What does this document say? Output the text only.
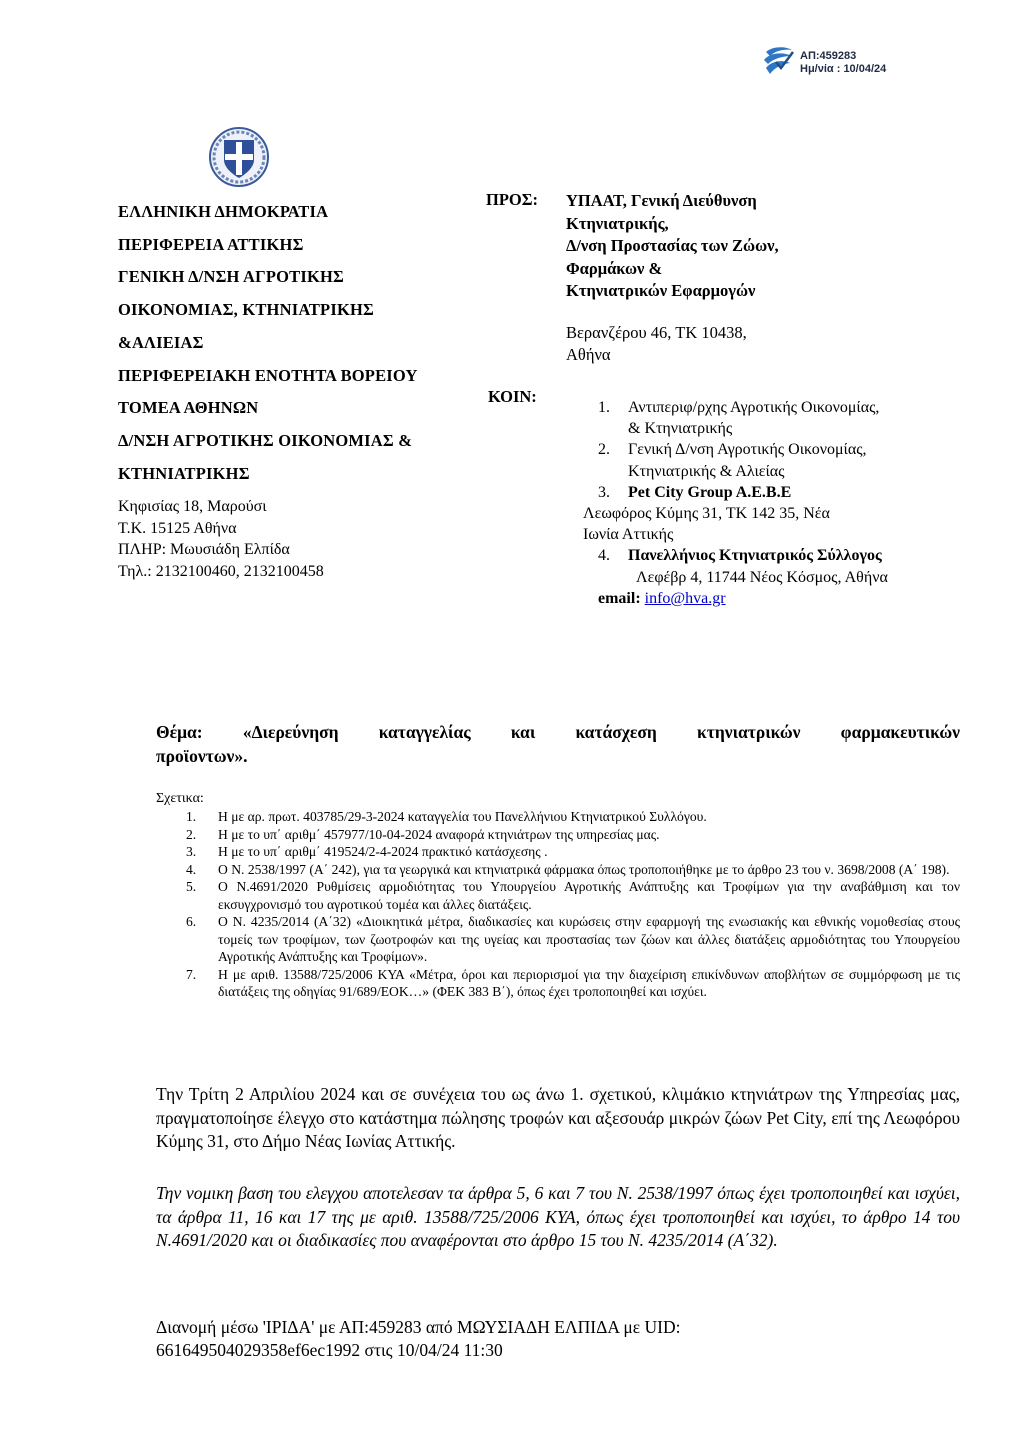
ΑΠ:459283
Ημ/νία : 10/04/24
ΕΛΛΗΝΙΚΗ ΔΗΜΟΚΡΑΤΙΑ
ΠΕΡΙΦΕΡΕΙΑ ΑΤΤΙΚΗΣ
ΓΕΝΙΚΗ Δ/ΝΣΗ ΑΓΡΟΤΙΚΗΣ
ΟΙΚΟΝΟΜΙΑΣ, ΚΤΗΝΙΑΤΡΙΚΗΣ
&ΑΛΙΕΙΑΣ
ΠΕΡΙΦΕΡΕΙΑΚΗ ΕΝΟΤΗΤΑ ΒΟΡΕΙΟΥ
ΤΟΜΕΑ ΑΘΗΝΩΝ
Δ/ΝΣΗ ΑΓΡΟΤΙΚΗΣ ΟΙΚΟΝΟΜΙΑΣ &
ΚΤΗΝΙΑΤΡΙΚΗΣ
Κηφισίας 18, Μαρούσι
Τ.Κ. 15125 Αθήνα
ΠΛΗΡ: Μωυσιάδη Ελπίδα
Τηλ.: 2132100460, 2132100458
ΠΡΟΣ: ΥΠΑΑΤ, Γενική Διεύθυνση
Κτηνιατρικής,
Δ/νση Προστασίας των Ζώων,
Φαρμάκων &
Κτηνιατρικών Εφαρμογών
Βερανζέρου 46, ΤΚ 10438,
Αθήνα
ΚΟΙΝ:
1. Αντιπεριφ/ρχης Αγροτικής Οικονομίας,
& Κτηνιατρικής
2. Γενική Δ/νση Αγροτικής Οικονομίας,
Κτηνιατρικής & Αλιείας
3. Pet City Group A.E.B.E
Λεωφόρος Κύμης 31, ΤΚ 142 35, Νέα
Ιωνία Αττικής
4. Πανελλήνιος Κτηνιατρικός Σύλλογος
Λεφέβρ 4, 11744 Νέος Κόσμος, Αθήνα
email: info@hva.gr
Θέμα: «Διερεύνηση καταγγελίας και κατάσχεση κτηνιατρικών φαρμακευτικών
προϊοντων».
Σχετικα:
1. Η με αρ. πρωτ. 403785/29-3-2024 καταγγελία του Πανελλήνιου Κτηνιατρικού Συλλόγου.
2. Η με το υπ΄ αριθμ΄ 457977/10-04-2024 αναφορά κτηνιάτρων της υπηρεσίας μας.
3. Η με το υπ΄ αριθμ΄ 419524/2-4-2024 πρακτικό κατάσχεσης .
4. Ο Ν. 2538/1997 (Α΄ 242), για τα γεωργικά και κτηνιατρικά φάρμακα όπως τροποποιήθηκε με το άρθρο 23 του ν. 3698/2008 (Α΄ 198).
5. Ο Ν.4691/2020 Ρυθμίσεις αρμοδιότητας του Υπουργείου Αγροτικής Ανάπτυξης και Τροφίμων για την αναβάθμιση και τον εκσυγχρονισμό του αγροτικού τομέα και άλλες διατάξεις.
6. Ο Ν. 4235/2014 (Α΄32) «Διοικητικά μέτρα, διαδικασίες και κυρώσεις στην εφαρμογή της ενωσιακής και εθνικής νομοθεσίας στους τομείς των τροφίμων, των ζωοτροφών και της υγείας και προστασίας των ζώων και άλλες διατάξεις αρμοδιότητας του Υπουργείου Αγροτικής Ανάπτυξης και Τροφίμων».
7. Η με αριθ. 13588/725/2006 ΚΥΑ «Μέτρα, όροι και περιορισμοί για την διαχείριση επικίνδυνων αποβλήτων σε συμμόρφωση με τις διατάξεις της οδηγίας 91/689/ΕΟΚ…» (ΦΕΚ 383 Β΄), όπως έχει τροποποιηθεί και ισχύει.
Την Τρίτη 2 Απριλίου 2024 και σε συνέχεια του ως άνω 1. σχετικού, κλιμάκιο κτηνιάτρων της Υπηρεσίας μας, πραγματοποίησε έλεγχο στο κατάστημα πώλησης τροφών και αξεσουάρ μικρών ζώων Pet City, επί της Λεωφόρου Κύμης 31, στο Δήμο Νέας Ιωνίας Αττικής.
Την νομικη βαση του ελεγχου αποτελεσαν τα άρθρα 5, 6 και 7 του Ν. 2538/1997 όπως έχει τροποποιηθεί και ισχύει, τα άρθρα 11, 16 και 17 της με αριθ. 13588/725/2006 ΚΥΑ, όπως έχει τροποποιηθεί και ισχύει, το άρθρο 14 του Ν.4691/2020 και οι διαδικασίες που αναφέρονται στο άρθρο 15 του Ν. 4235/2014 (Α΄32).
Διανομή μέσω 'ΙΡΙΔΑ' με ΑΠ:459283 από ΜΩΥΣΙΑΔΗ ΕΛΠΙΔΑ με UID:
661649504029358ef6ec1992 στις 10/04/24 11:30
